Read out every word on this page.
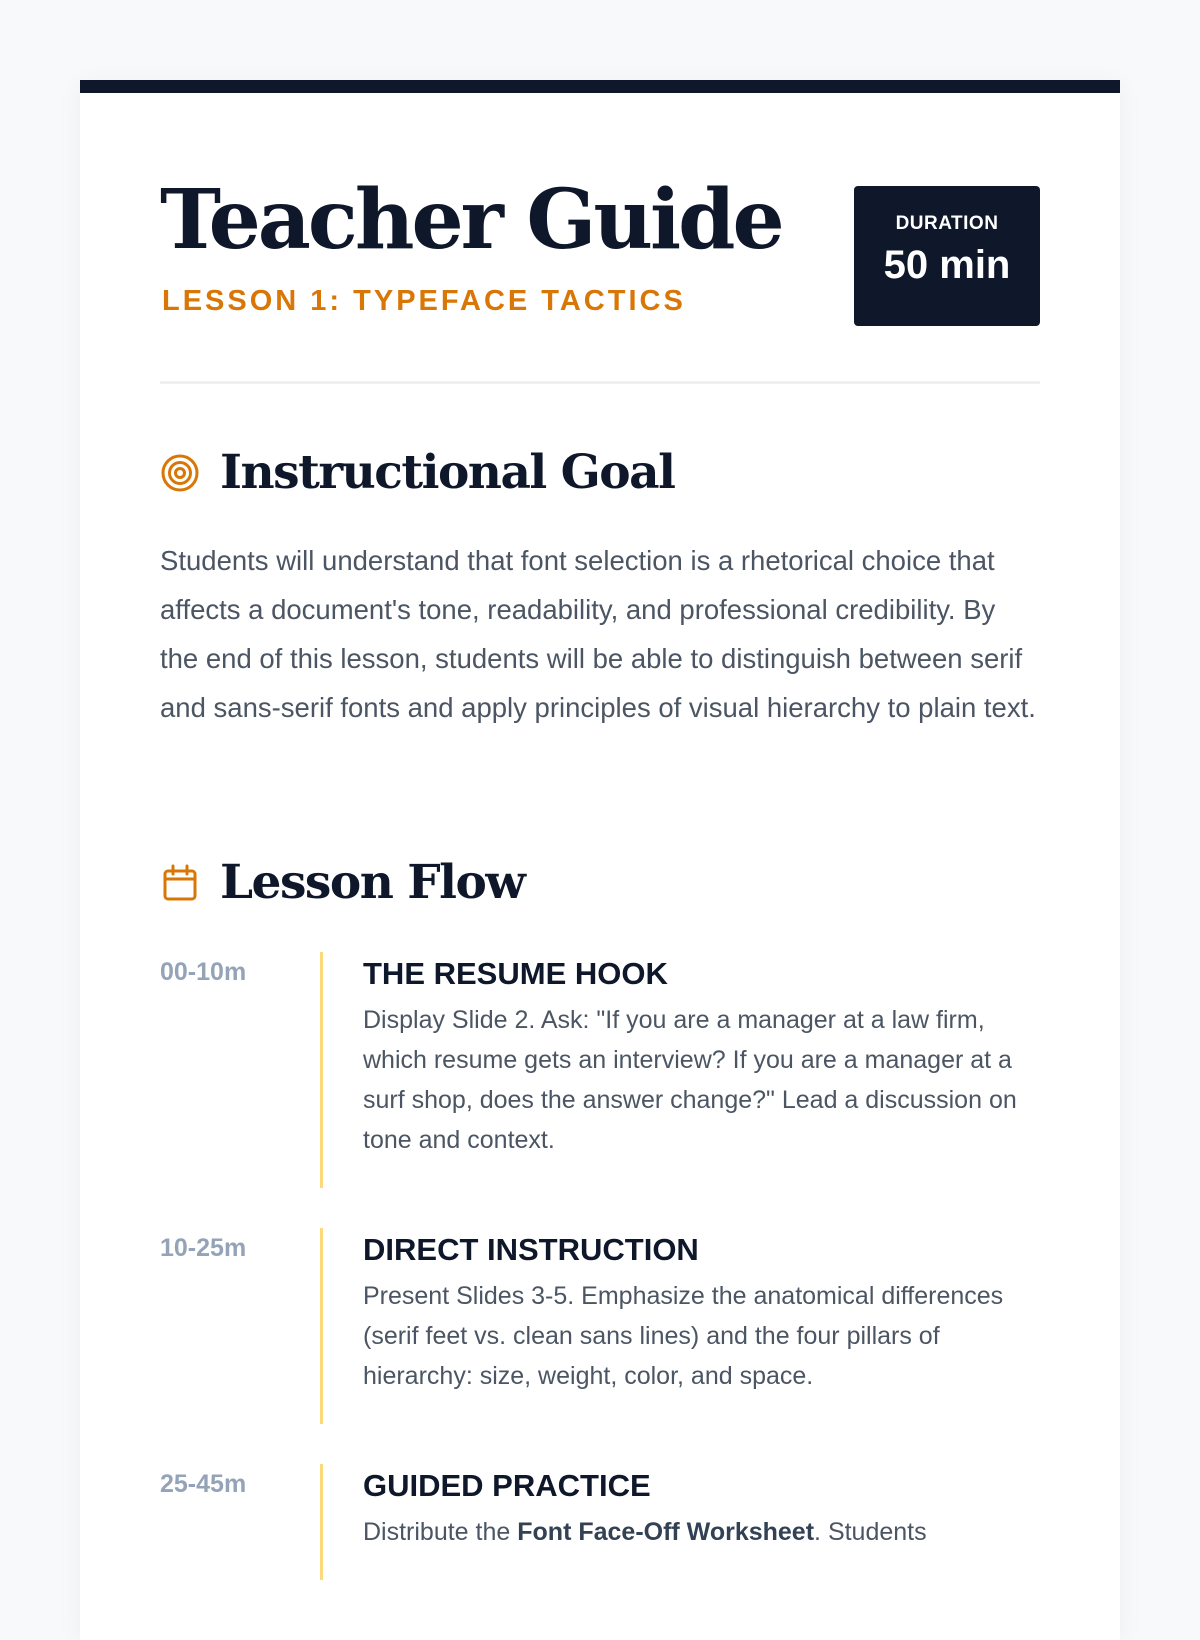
Teacher Guide

LESSON 1: TYPEFACE TACTICS

DURATION
50 min
Instructional Goal

Students will understand that font selection is a rhetorical choice that affects a document's tone, readability, and professional credibility. By the end of this lesson, students will be able to distinguish between serif and sans-serif fonts and apply principles of visual hierarchy to plain text.

Lesson Flow
00-10m	THE RESUME HOOK

Display Slide 2. Ask: "If you are a manager at a law firm, which resume gets an interview? If you are a manager at a surf shop, does the answer change?" Lead a discussion on tone and context.

10-25m	DIRECT INSTRUCTION

Present Slides 3-5. Emphasize the anatomical differences (serif feet vs. clean sans lines) and the four pillars of hierarchy: size, weight, color, and space.

25-45m	GUIDED PRACTICE

Distribute the Font Face-Off Worksheet. Students
